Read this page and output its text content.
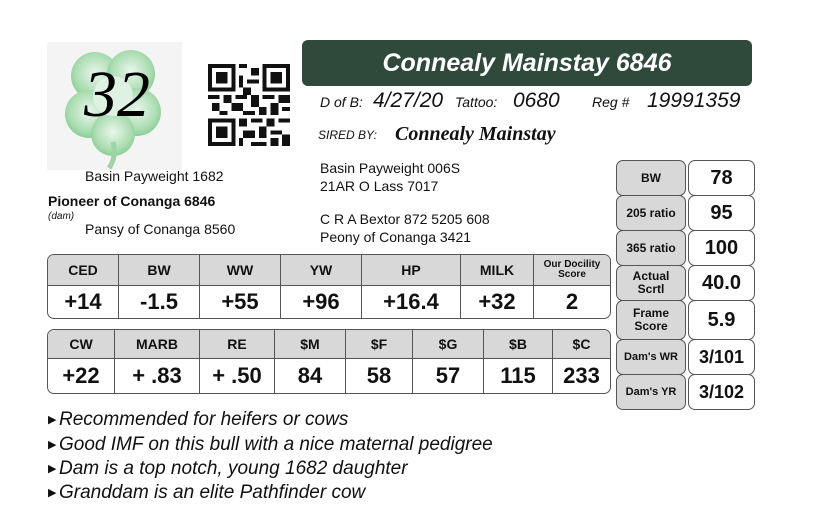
32	Connealy Mainstay 6846
D of B: 4/27/20 Tattoo: 0680 Reg # 19991359
SIRED BY: Connealy Mainstay
Basin Payweight 1682
Pioneer of Conanga 6846
(dam)
Pansy of Conanga 8560
Basin Payweight 006S
21AR O Lass 7017
C R A Bextor 872 5205 608
Peony of Conanga 3421
CED	BW	WW	YW	HP	MILK	Our Docility Score
+14	-1.5	+55	+96	+16.4	+32	2
CW	MARB	RE	$M	$F	$G	$B	$C
+22	+ .83	+ .50	84	58	57	115	233
BW	78
205 ratio	95
365 ratio	100
Actual Scrtl	40.0
Frame Score	5.9
Dam's WR	3/101
Dam's YR	3/102
▶ Recommended for heifers or cows
▶ Good IMF on this bull with a nice maternal pedigree
▶ Dam is a top notch, young 1682 daughter
▶ Granddam is an elite Pathfinder cow
